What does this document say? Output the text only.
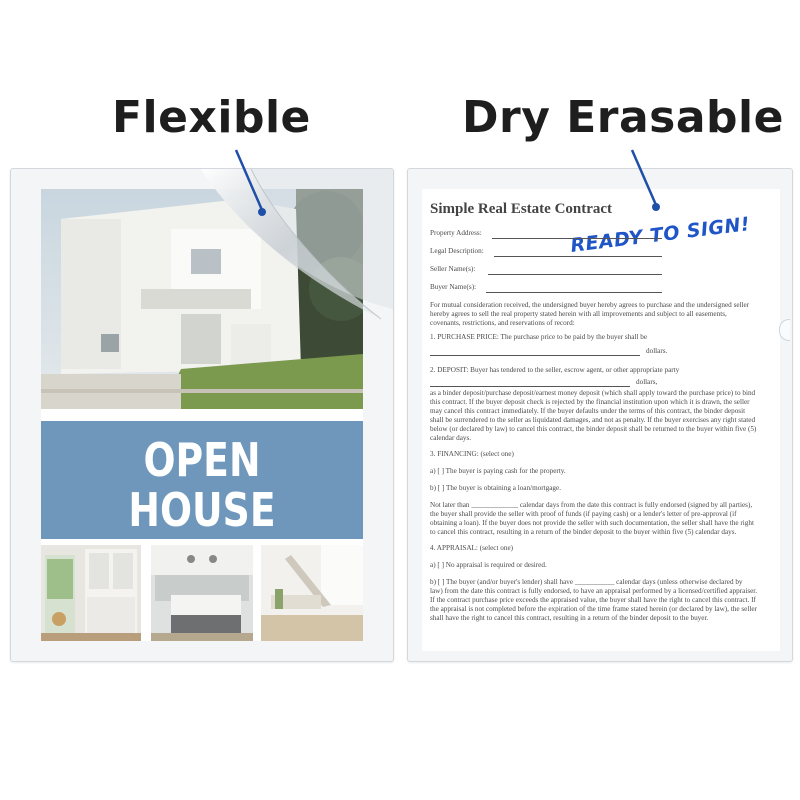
Flexible	Dry Erasable
OPEN HOUSE
STREET
Simple Real Estate Contract
READY TO SIGN!
Property Address:
Legal Description:
Seller Name(s):
Buyer Name(s):
For mutual consideration received, the undersigned buyer hereby agrees to purchase and the undersigned seller
hereby agrees to sell the real property stated herein with all improvements and subject to all easements,
covenants, restrictions, and reservations of record:
1. PURCHASE PRICE: The purchase price to be paid by the buyer shall be
dollars.
2. DEPOSIT: Buyer has tendered to the seller, escrow agent, or other appropriate party
dollars,
as a binder deposit/purchase deposit/earnest money deposit (which shall apply toward the purchase price) to bind
this contract. If the buyer deposit check is rejected by the financial institution upon which it is drawn, the seller
may cancel this contract immediately. If the buyer defaults under the terms of this contract, the binder deposit
shall be surrendered to the seller as liquidated damages, and not as penalty. If the buyer exercises any right stated
below (or declared by law) to cancel this contract, the binder deposit shall be returned to the buyer within five (5)
calendar days.
3. FINANCING: (select one)
a) [ ] The buyer is paying cash for the property.
b) [ ] The buyer is obtaining a loan/mortgage.
Not later than _____________ calendar days from the date this contract is fully endorsed (signed by all parties),
the buyer shall provide the seller with proof of funds (if paying cash) or a lender's letter of pre-approval (if
obtaining a loan). If the buyer does not provide the seller with such documentation, the seller shall have the right
to cancel this contract, resulting in a return of the binder deposit to the buyer within five (5) calendar days.
4. APPRAISAL: (select one)
a) [ ] No appraisal is required or desired.
b) [ ] The buyer (and/or buyer's lender) shall have ___________ calendar days (unless otherwise declared by
law) from the date this contract is fully endorsed, to have an appraisal performed by a licensed/certified appraiser.
If the contract purchase price exceeds the appraised value, the buyer shall have the right to cancel this contract. If
the appraisal is not completed before the expiration of the time frame stated herein (or declared by law), the seller
shall have the right to cancel this contract, resulting in a return of the binder deposit to the buyer.
